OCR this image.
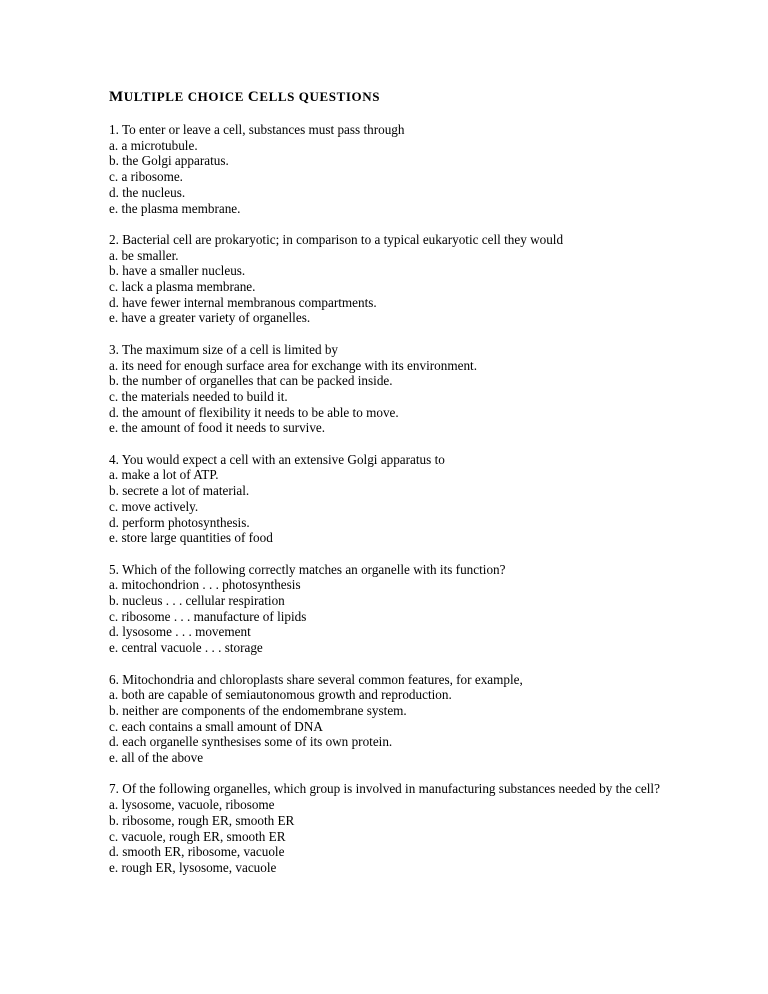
MULTIPLE CHOICE CELLS QUESTIONS
1. To enter or leave a cell, substances must pass through
a. a microtubule.
b. the Golgi apparatus.
c. a ribosome.
d. the nucleus.
e. the plasma membrane.
2. Bacterial cell are prokaryotic; in comparison to a typical eukaryotic cell they would
a. be smaller.
b. have a smaller nucleus.
c. lack a plasma membrane.
d. have fewer internal membranous compartments.
e. have a greater variety of organelles.
3. The maximum size of a cell is limited by
a. its need for enough surface area for exchange with its environment.
b. the number of organelles that can be packed inside.
c. the materials needed to build it.
d. the amount of flexibility it needs to be able to move.
e. the amount of food it needs to survive.
4. You would expect a cell with an extensive Golgi apparatus to
a. make a lot of ATP.
b. secrete a lot of material.
c. move actively.
d. perform photosynthesis.
e. store large quantities of food
5. Which of the following correctly matches an organelle with its function?
a. mitochondrion . . . photosynthesis
b. nucleus . . . cellular respiration
c. ribosome . . . manufacture of lipids
d. lysosome . . . movement
e. central vacuole . . . storage
6. Mitochondria and chloroplasts share several common features, for example,
a. both are capable of semiautonomous growth and reproduction.
b. neither are components of the endomembrane system.
c. each contains a small amount of DNA
d. each organelle synthesises some of its own protein.
e. all of the above
7. Of the following organelles, which group is involved in manufacturing substances needed by the cell?
a. lysosome, vacuole, ribosome
b. ribosome, rough ER, smooth ER
c. vacuole, rough ER, smooth ER
d. smooth ER, ribosome, vacuole
e. rough ER, lysosome, vacuole
